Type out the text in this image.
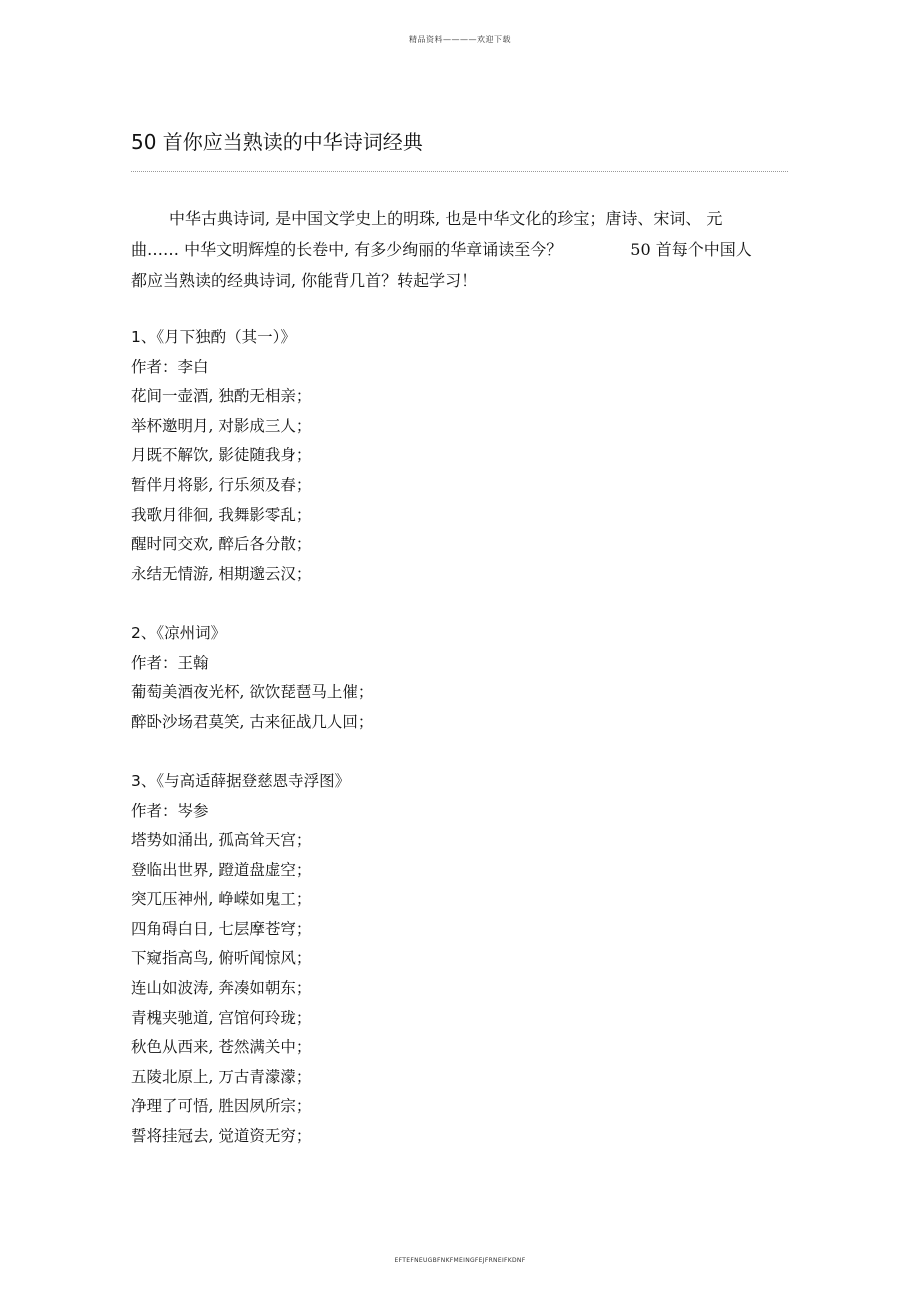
精品资料————欢迎下载
50 首你应当熟读的中华诗词经典
中华古典诗词, 是中国文学史上的明珠, 也是中华文化的珍宝；唐诗、宋词、 元
曲…… 中华文明辉煌的长卷中, 有多少绚丽的华章诵读至今？	50 首每个中国人
都应当熟读的经典诗词, 你能背几首？转起学习！
1、《月下独酌（其一）》
作者：李白
花间一壶酒, 独酌无相亲；
举杯邀明月, 对影成三人；
月既不解饮, 影徒随我身；
暂伴月将影, 行乐须及春；
我歌月徘徊, 我舞影零乱；
醒时同交欢, 醉后各分散；
永结无情游, 相期邈云汉；
2、《凉州词》
作者：王翰
葡萄美酒夜光杯, 欲饮琵琶马上催；
醉卧沙场君莫笑, 古来征战几人回；
3、《与高适薛据登慈恩寺浮图》
作者：岑参
塔势如涌出, 孤高耸天宫；
登临出世界, 蹬道盘虚空；
突兀压神州, 峥嵘如鬼工；
四角碍白日, 七层摩苍穹；
下窥指高鸟, 俯听闻惊风；
连山如波涛, 奔凑如朝东；
青槐夹驰道, 宫馆何玲珑；
秋色从西来, 苍然满关中；
五陵北原上, 万古青濛濛；
净理了可悟, 胜因夙所宗；
誓将挂冠去, 觉道资无穷；
EFTEFNEUGBFNKFMEINGFEJFRNEIFKDNF
